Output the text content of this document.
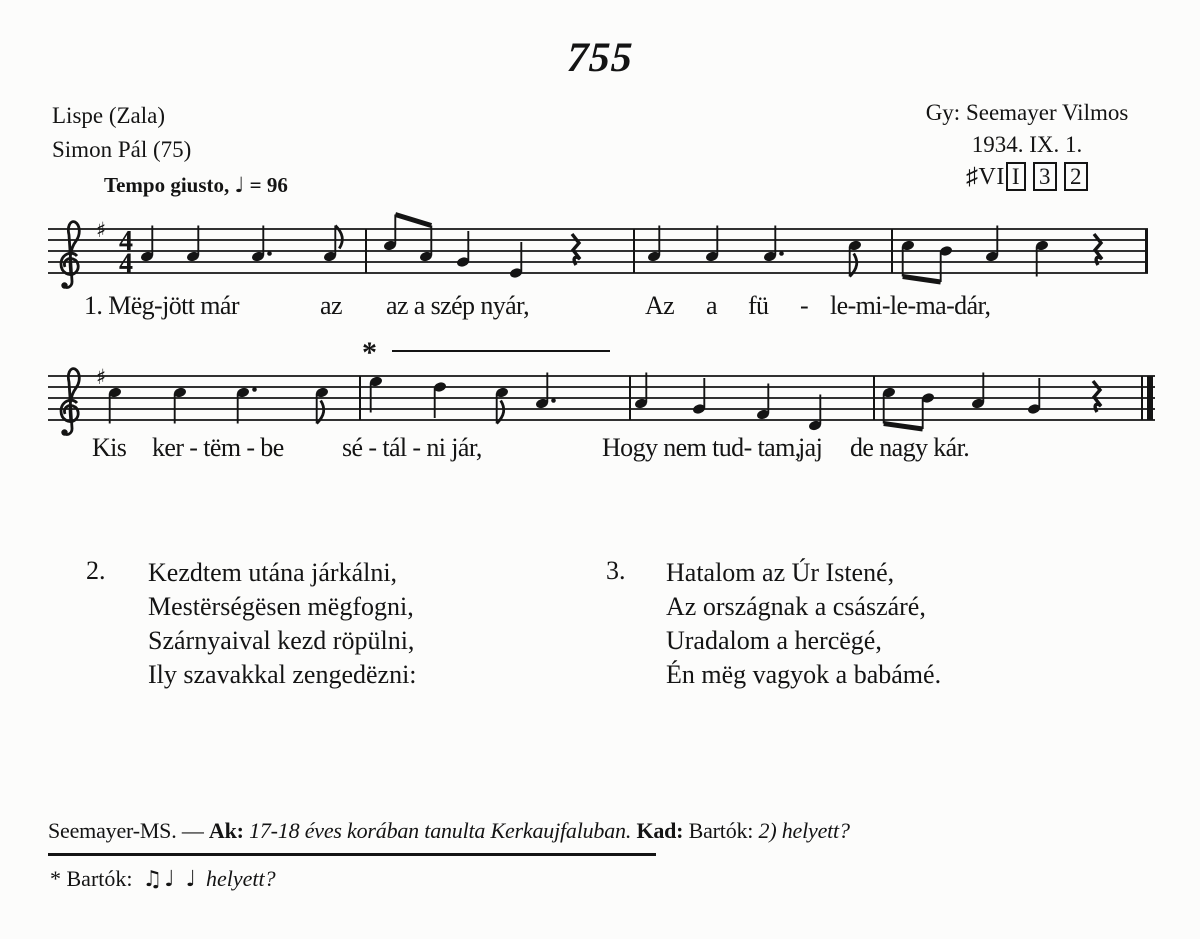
755
Lispe (Zala)
Simon Pál (75)
Gy: Seemayer Vilmos
1934. IX. 1.
♯VI I 3 2
Tempo giusto, ♩ = 96
♯ 4
4
1. Mëg-jött már	az az a szép nyár,	Az a fü - le-mi-le-ma-dár,
♯
*
Kis ker - tëm - be sé - tál - ni jár,	Hogy nem tud- tam,
jaj de nagy kár.
2. Kezdtem utána járkálni,
Mestërségësen mëgfogni,
Szárnyaival kezd röpülni,
Ily szavakkal zengedëzni:
3. Hatalom az Úr Istené,
Az országnak a császáré,
Uradalom a hercëgé,
Én mëg vagyok a babámé.
Seemayer-MS. — Ak: 17-18 éves korában tanulta Kerkaujfaluban. Kad: Bartók: 2) helyett?
* Bartók: ♫♩ ♩ helyett?
